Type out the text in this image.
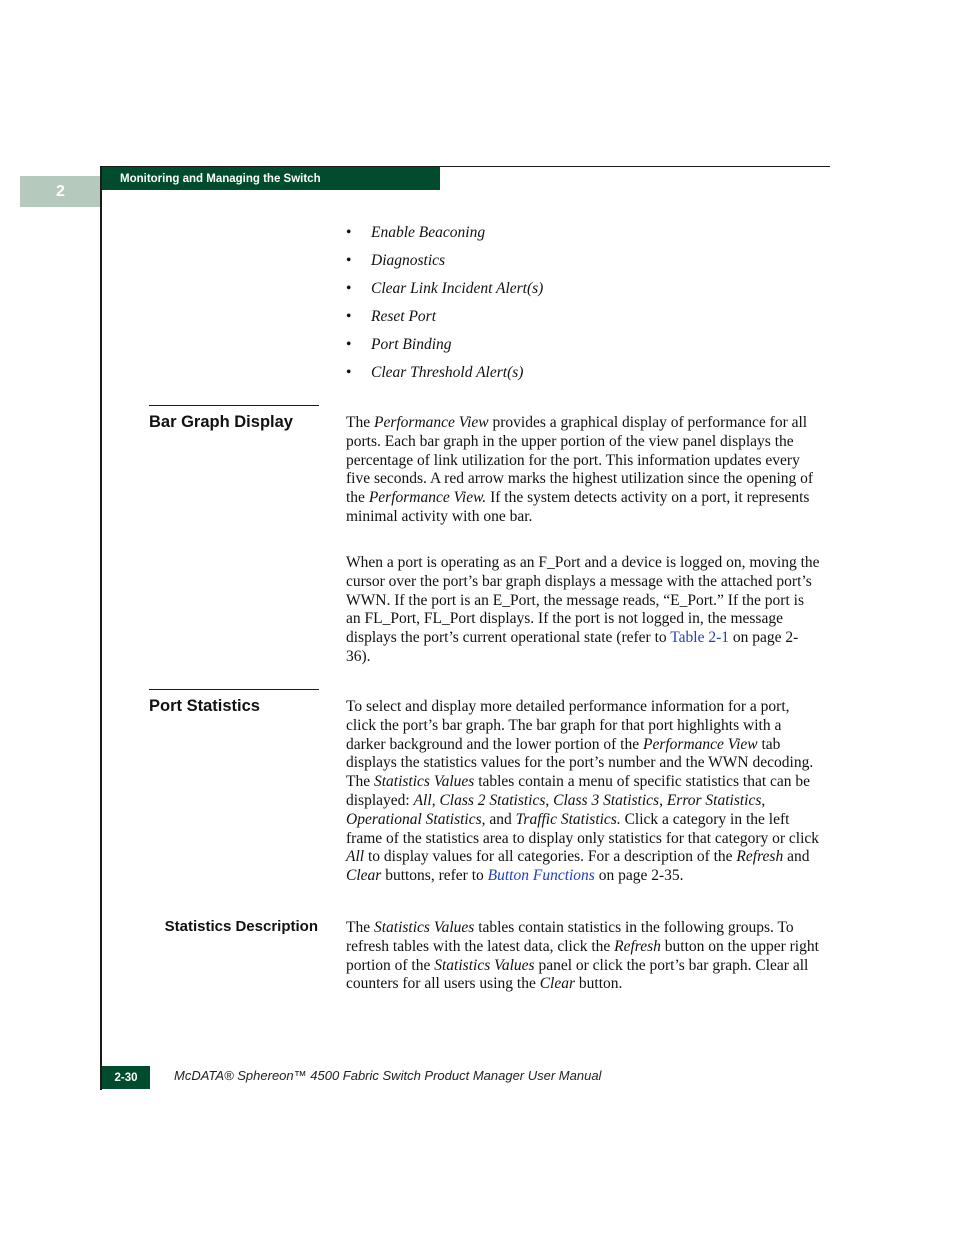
2
Monitoring and Managing the Switch
• Enable Beaconing
• Diagnostics
• Clear Link Incident Alert(s)
• Reset Port
• Port Binding
• Clear Threshold Alert(s)
Bar Graph Display	The Performance View provides a graphical display of performance for all ports. Each bar graph in the upper portion of the view panel displays the percentage of link utilization for the port. This information updates every five seconds. A red arrow marks the highest utilization since the opening of the Performance View. If the system detects activity on a port, it represents minimal activity with one bar.

When a port is operating as an F_Port and a device is logged on, moving the cursor over the port’s bar graph displays a message with the attached port’s WWN. If the port is an E_Port, the message reads, “E_Port.” If the port is an FL_Port, FL_Port displays. If the port is not logged in, the message displays the port’s current operational state (refer to Table 2-1 on page 2-36).

Port Statistics	To select and display more detailed performance information for a port, click the port’s bar graph. The bar graph for that port highlights with a darker background and the lower portion of the Performance View tab displays the statistics values for the port’s number and the WWN decoding. The Statistics Values tables contain a menu of specific statistics that can be displayed: All, Class 2 Statistics, Class 3 Statistics, Error Statistics, Operational Statistics, and Traffic Statistics. Click a category in the left frame of the statistics area to display only statistics for that category or click All to display values for all categories. For a description of the Refresh and Clear buttons, refer to Button Functions on page 2-35.

Statistics Description The Statistics Values tables contain statistics in the following groups. To refresh tables with the latest data, click the Refresh button on the upper right portion of the Statistics Values panel or click the port’s bar graph. Clear all counters for all users using the Clear button.

2-30	McDATA® Sphereon™ 4500 Fabric Switch Product Manager User Manual
